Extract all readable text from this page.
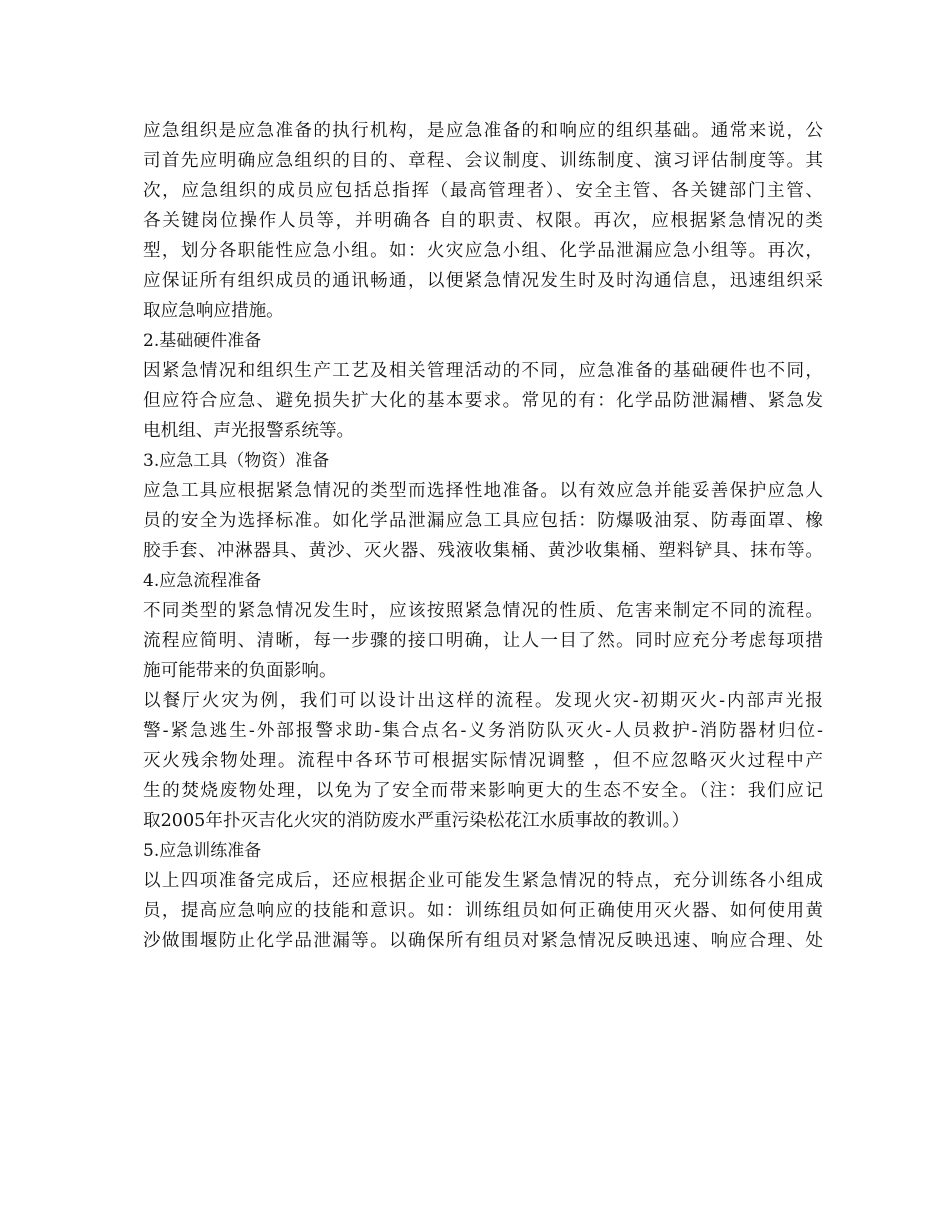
应急组织是应急准备的执行机构，是应急准备的和响应的组织基础。通常来说，公
司首先应明确应急组织的目的、章程、会议制度、训练制度、演习评估制度等。其
次，应急组织的成员应包括总指挥（最高管理者）、安全主管、各关键部门主管、
各关键岗位操作人员等，并明确各 自的职责、权限。再次，应根据紧急情况的类
型，划分各职能性应急小组。如：火灾应急小组、化学品泄漏应急小组等。再次，
应保证所有组织成员的通讯畅通，以便紧急情况发生时及时沟通信息，迅速组织采
取应急响应措施。
2.基础硬件准备
因紧急情况和组织生产工艺及相关管理活动的不同，应急准备的基础硬件也不同，
但应符合应急、避免损失扩大化的基本要求。常见的有：化学品防泄漏槽、紧急发
电机组、声光报警系统等。
3.应急工具（物资）准备
应急工具应根据紧急情况的类型而选择性地准备。以有效应急并能妥善保护应急人
员的安全为选择标准。如化学品泄漏应急工具应包括：防爆吸油泵、防毒面罩、橡
胶手套、冲淋器具、黄沙、灭火器、残液收集桶、黄沙收集桶、塑料铲具、抹布等。
4.应急流程准备
不同类型的紧急情况发生时，应该按照紧急情况的性质、危害来制定不同的流程。
流程应简明、清晰，每一步骤的接口明确，让人一目了然。同时应充分考虑每项措
施可能带来的负面影响。
以餐厅火灾为例，我们可以设计出这样的流程。发现火灾-初期灭火-内部声光报
警-紧急逃生-外部报警求助-集合点名-义务消防队灭火-人员救护-消防器材归位-
灭火残余物处理。流程中各环节可根据实际情况调整 ，但不应忽略灭火过程中产
生的焚烧废物处理，以免为了安全而带来影响更大的生态不安全。（注：我们应记
取2005年扑灭吉化火灾的消防废水严重污染松花江水质事故的教训。）
5.应急训练准备
以上四项准备完成后，还应根据企业可能发生紧急情况的特点，充分训练各小组成
员，提高应急响应的技能和意识。如：训练组员如何正确使用灭火器、如何使用黄
沙做围堰防止化学品泄漏等。以确保所有组员对紧急情况反映迅速、响应合理、处
